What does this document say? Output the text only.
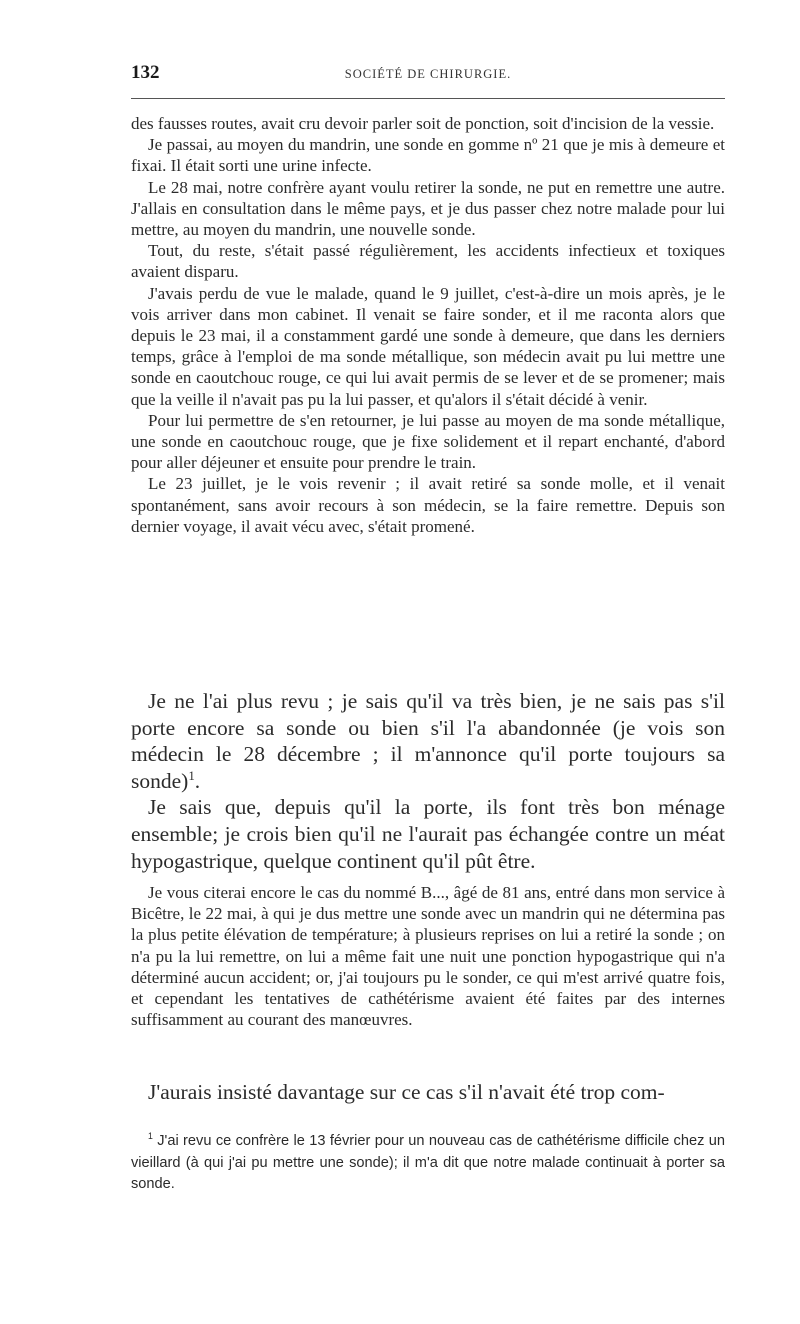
132	SOCIÉTÉ DE CHIRURGIE.

des fausses routes, avait cru devoir parler soit de ponction, soit d'incision de la vessie.

Je passai, au moyen du mandrin, une sonde en gomme nº 21 que je mis à demeure et fixai. Il était sorti une urine infecte.

Le 28 mai, notre confrère ayant voulu retirer la sonde, ne put en remettre une autre. J'allais en consultation dans le même pays, et je dus passer chez notre malade pour lui mettre, au moyen du mandrin, une nouvelle sonde.

Tout, du reste, s'était passé régulièrement, les accidents infectieux et toxiques avaient disparu.

J'avais perdu de vue le malade, quand le 9 juillet, c'est-à-dire un mois après, je le vois arriver dans mon cabinet. Il venait se faire sonder, et il me raconta alors que depuis le 23 mai, il a constamment gardé une sonde à demeure, que dans les derniers temps, grâce à l'emploi de ma sonde métallique, son médecin avait pu lui mettre une sonde en caoutchouc rouge, ce qui lui avait permis de se lever et de se promener; mais que la veille il n'avait pas pu la lui passer, et qu'alors il s'était décidé à venir.

Pour lui permettre de s'en retourner, je lui passe au moyen de ma sonde métallique, une sonde en caoutchouc rouge, que je fixe solidement et il repart enchanté, d'abord pour aller déjeuner et ensuite pour prendre le train.

Le 23 juillet, je le vois revenir ; il avait retiré sa sonde molle, et il venait spontanément, sans avoir recours à son médecin, se la faire remettre. Depuis son dernier voyage, il avait vécu avec, s'était promené.

Je ne l'ai plus revu ; je sais qu'il va très bien, je ne sais pas s'il porte encore sa sonde ou bien s'il l'a abandonnée (je vois son médecin le 28 décembre ; il m'annonce qu'il porte toujours sa sonde)$^1$.

Je sais que, depuis qu'il la porte, ils font très bon ménage ensemble; je crois bien qu'il ne l'aurait pas échangée contre un méat hypogastrique, quelque continent qu'il pût être.

Je vous citerai encore le cas du nommé B..., âgé de 81 ans, entré dans mon service à Bicêtre, le 22 mai, à qui je dus mettre une sonde avec un mandrin qui ne détermina pas la plus petite élévation de température; à plusieurs reprises on lui a retiré la sonde ; on n'a pu la lui remettre, on lui a même fait une nuit une ponction hypogastrique qui n'a déterminé aucun accident; or, j'ai toujours pu le sonder, ce qui m'est arrivé quatre fois, et cependant les tentatives de cathétérisme avaient été faites par des internes suffisamment au courant des manœuvres.

J'aurais insisté davantage sur ce cas s'il n'avait été trop com-

$^1$ J'ai revu ce confrère le 13 février pour un nouveau cas de cathétérisme difficile chez un vieillard (à qui j'ai pu mettre une sonde); il m'a dit que notre malade continuait à porter sa sonde.
